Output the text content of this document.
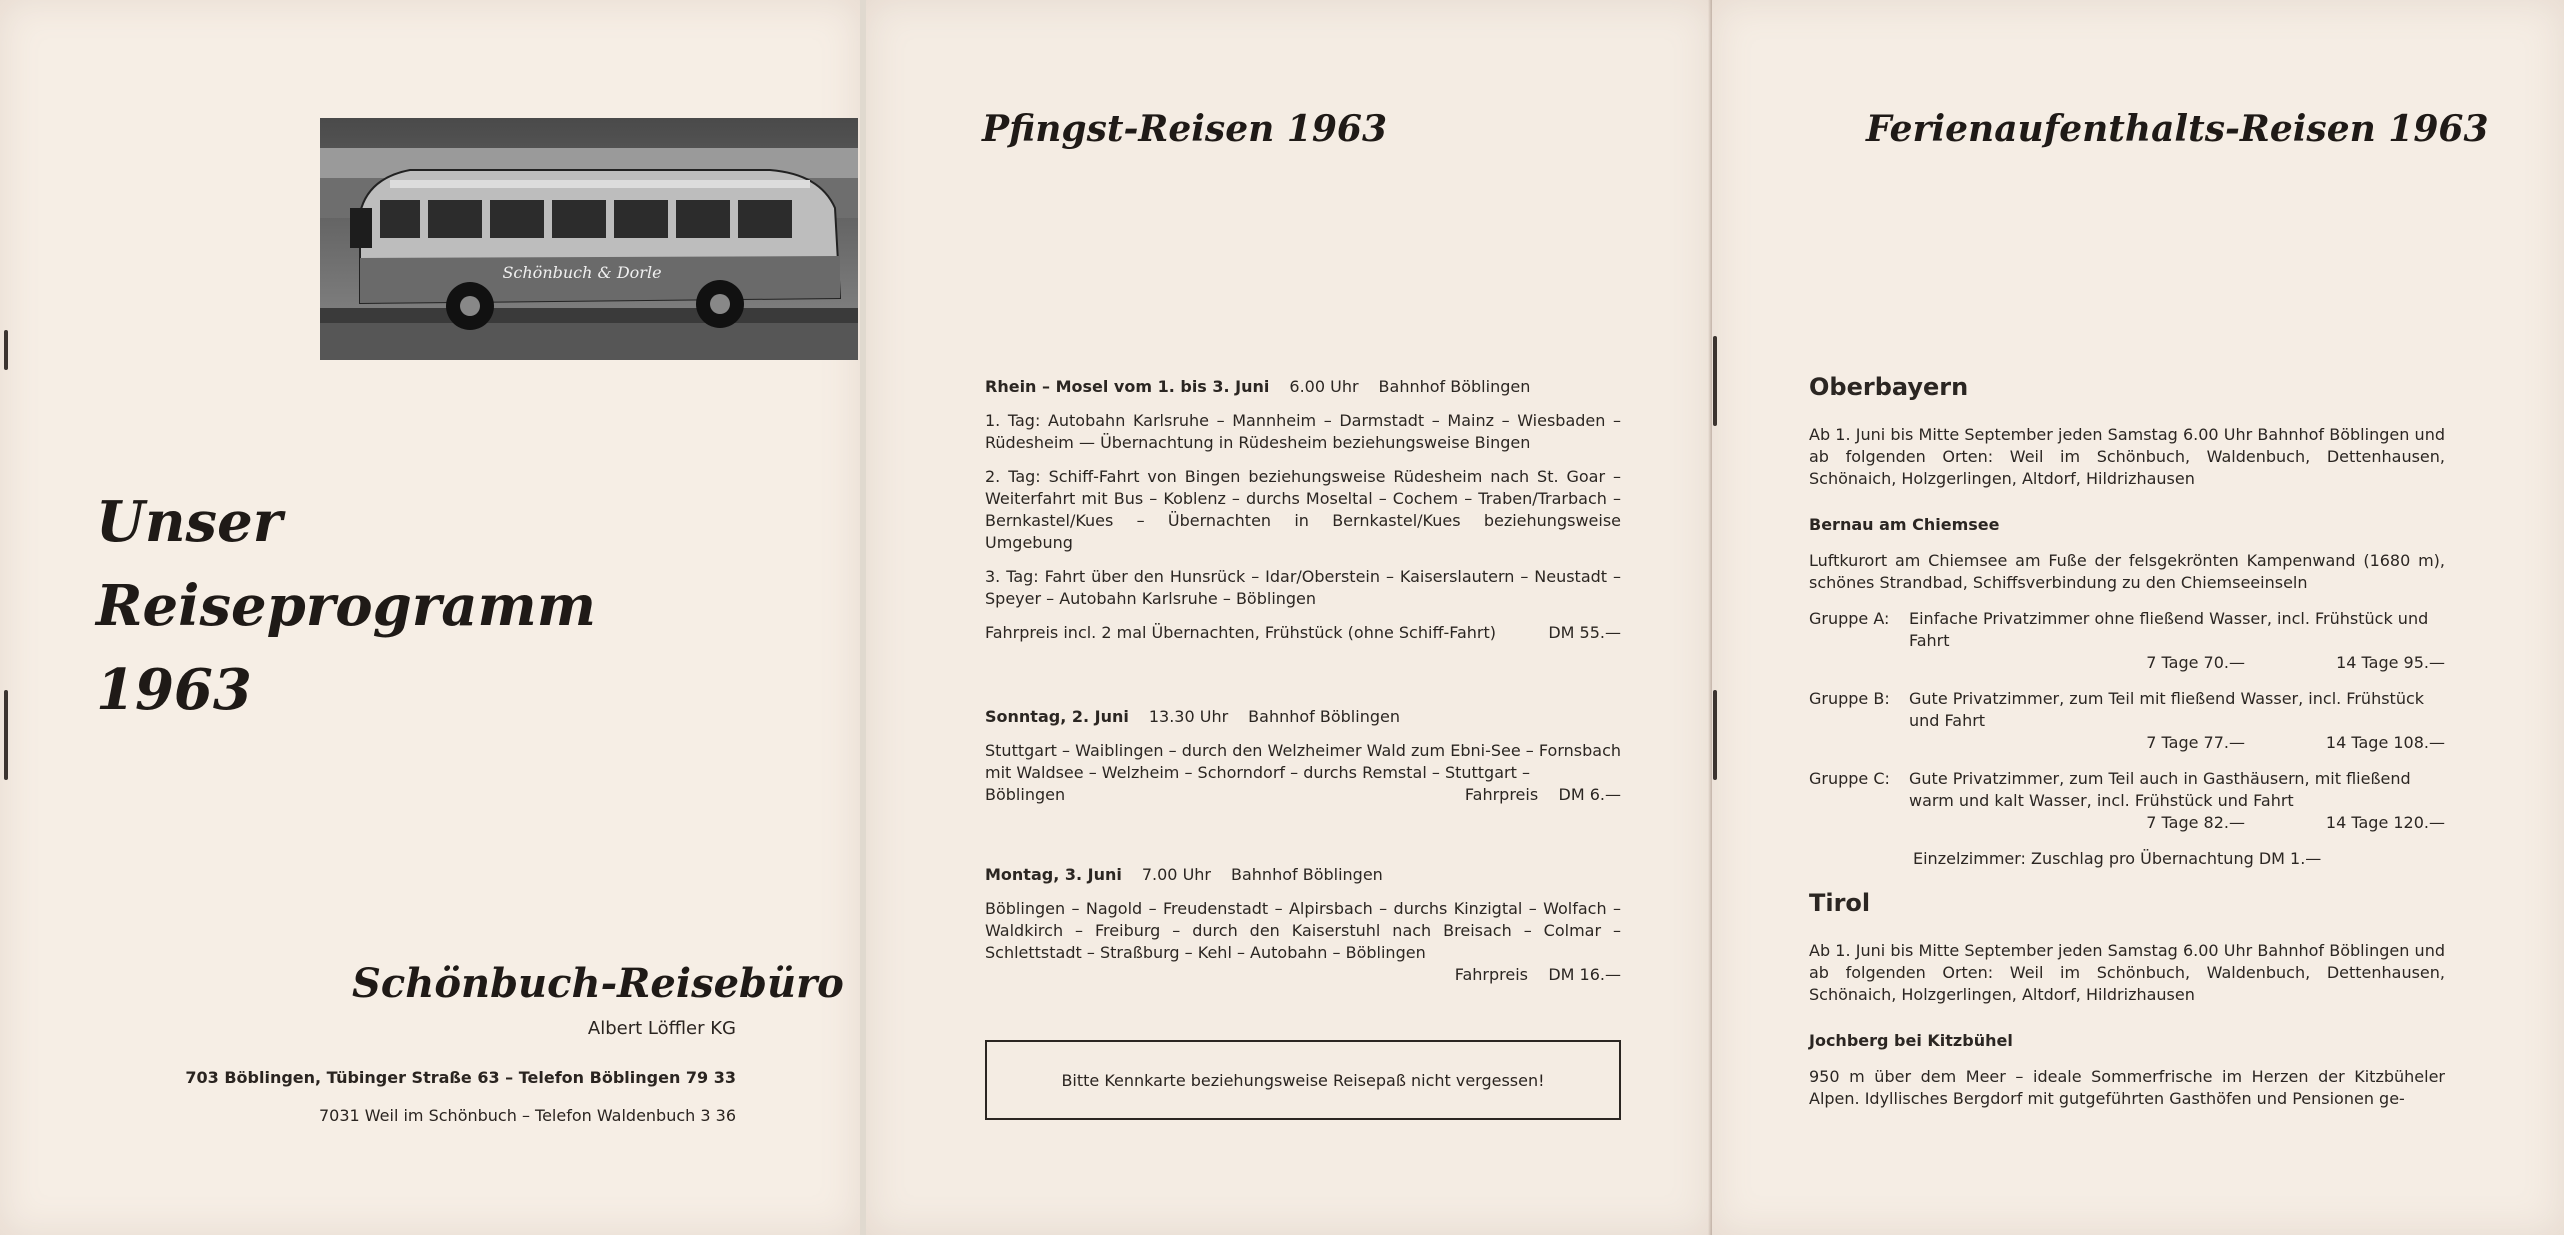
Schönbuch & Dorle
Unser
Reiseprogramm
1963
Schönbuch-Reisebüro
Albert Löffler KG
703 Böblingen, Tübinger Straße 63 – Telefon Böblingen 79 33
7031 Weil im Schönbuch – Telefon Waldenbuch 3 36
Pfingst-Reisen 1963
Rhein – Mosel vom 1. bis 3. Juni 6.00 Uhr Bahnhof Böblingen

1. Tag: Autobahn Karlsruhe – Mannheim – Darmstadt – Mainz – Wiesbaden – Rüdesheim — Übernachtung in Rüdesheim beziehungsweise Bingen

2. Tag: Schiff-Fahrt von Bingen beziehungsweise Rüdesheim nach St. Goar – Weiterfahrt mit Bus – Koblenz – durchs Moseltal – Cochem – Traben/Trarbach – Bernkastel/Kues – Übernachten in Bernkastel/Kues beziehungsweise Umgebung

3. Tag: Fahrt über den Hunsrück – Idar/Oberstein – Kaiserslautern – Neustadt – Speyer – Autobahn Karlsruhe – Böblingen

Fahrpreis incl. 2 mal Übernachten, Frühstück (ohne Schiff-Fahrt)	DM 55.—
Sonntag, 2. Juni 13.30 Uhr Bahnhof Böblingen

Stuttgart – Waiblingen – durch den Welzheimer Wald zum Ebni-See – Fornsbach mit Waldsee – Welzheim – Schorndorf – durchs Remstal – Stuttgart –

Böblingen	Fahrpreis DM 6.—
Montag, 3. Juni 7.00 Uhr Bahnhof Böblingen

Böblingen – Nagold – Freudenstadt – Alpirsbach – durchs Kinzigtal – Wolfach – Waldkirch – Freiburg – durch den Kaiserstuhl nach Breisach – Colmar – Schlettstadt – Straßburg – Kehl – Autobahn – Böblingen

Fahrpreis DM 16.—
Bitte Kennkarte beziehungsweise Reisepaß nicht vergessen!
Ferienaufenthalts-Reisen 1963
Oberbayern

Ab 1. Juni bis Mitte September jeden Samstag 6.00 Uhr Bahnhof Böblingen und ab folgenden Orten: Weil im Schönbuch, Waldenbuch, Dettenhausen, Schönaich, Holzgerlingen, Altdorf, Hildrizhausen

Bernau am Chiemsee

Luftkurort am Chiemsee am Fuße der felsgekrönten Kampenwand (1680 m), schönes Strandbad, Schiffsverbindung zu den Chiemseeinseln

Gruppe A:	Einfache Privatzimmer ohne fließend Wasser, incl. Frühstück und Fahrt
7 Tage 70.—	14 Tage 95.—
Gruppe B:	Gute Privatzimmer, zum Teil mit fließend Wasser, incl. Frühstück und Fahrt
7 Tage 77.—	14 Tage 108.—
Gruppe C:	Gute Privatzimmer, zum Teil auch in Gasthäusern, mit fließend warm und kalt Wasser, incl. Frühstück und Fahrt
7 Tage 82.—	14 Tage 120.—
Einzelzimmer: Zuschlag pro Übernachtung DM 1.—
Tirol

Ab 1. Juni bis Mitte September jeden Samstag 6.00 Uhr Bahnhof Böblingen und ab folgenden Orten: Weil im Schönbuch, Waldenbuch, Dettenhausen, Schönaich, Holzgerlingen, Altdorf, Hildrizhausen

Jochberg bei Kitzbühel

950 m über dem Meer – ideale Sommerfrische im Herzen der Kitzbüheler Alpen. Idyllisches Bergdorf mit gutgeführten Gasthöfen und Pensionen ge-
